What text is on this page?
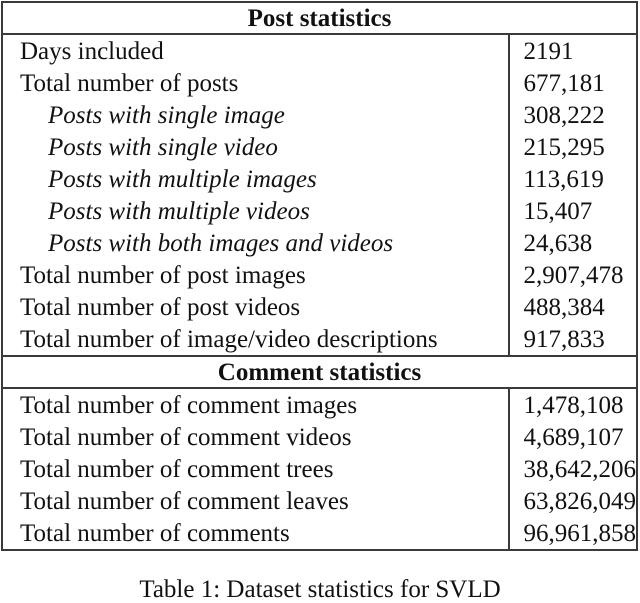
Post statistics	
Days included	2191
Total number of posts	677,181
Posts with single image	308,222
Posts with single video	215,295
Posts with multiple images	113,619
Posts with multiple videos	15,407
Posts with both images and videos	24,638
Total number of post images	2,907,478
Total number of post videos	488,384
Total number of image/video descriptions	917,833
Comment statistics	
Total number of comment images	1,478,108
Total number of comment videos	4,689,107
Total number of comment trees	38,642,206
Total number of comment leaves	63,826,049
Total number of comments	96,961,858
Table 1: Dataset statistics for SVLD
